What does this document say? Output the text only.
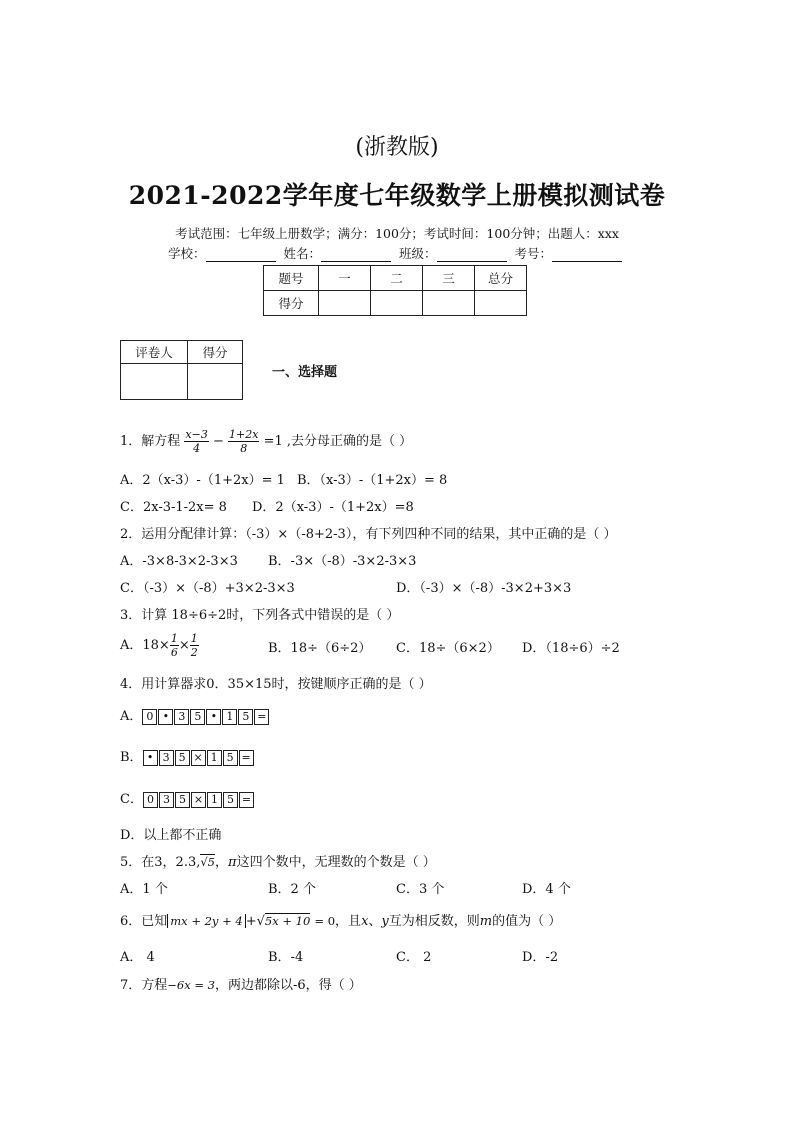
(浙教版)
2021-2022学年度七年级数学上册模拟测试卷
考试范围：七年级上册数学；满分：100分；考试时间：100分钟；出题人：xxx
学校：	姓名：	班级：	考号：
题号	一	二	三	总分
得分				
评卷人	得分

一、选择题
1．解方程 $\frac{x-3}{4} - \frac{1+2x}{8} =1$ ,去分母正确的是（ ）
A．2（x-3）-（1+2x）= 1 B．（x-3）-（1+2x）= 8
C．2x-3-1-2x= 8 D．2（x-3）-（1+2x）=8
2．运用分配律计算：（-3）×（-8+2-3），有下列四种不同的结果，其中正确的是（ ）
A．-3×8-3×2-3×3 B．-3×（-8）-3×2-3×3
C．（-3）×（-8）+3×2-3×3	D．（-3）×（-8）-3×2+3×3
3．计算 18÷6÷2时，下列各式中错误的是（ ）
A．$18\times \frac{1}{6} \times \frac{1}{2}$	B．18÷（6÷2） C．18÷（6×2） D．（18÷6）÷2
4．用计算器求0．35×15时，按键顺序正确的是（ ）
A． 0 • 3 5 • 1 5 =
B． • 3 5 × 1 5 =
C． 0 3 5 × 1 5 =
D．以上都不正确
5．在3，2.3,√5，π这四个数中，无理数的个数是（ ）
A．1 个	B．2 个	C．3 个	D．4 个
6．已知 mx + 2y + 4 +√5x + 10 = 0，且x、y互为相反数，则m的值为（ ）
A． 4	B．-4	C． 2	D．-2
7．方程−6x = 3，两边都除以-6，得（ ）
